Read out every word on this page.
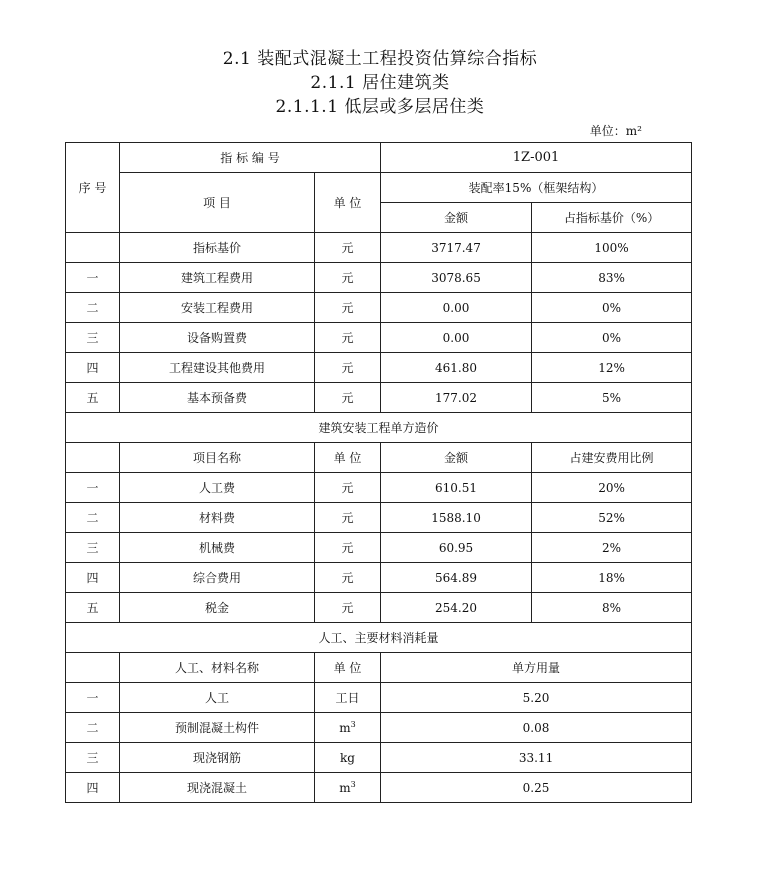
2.1 装配式混凝土工程投资估算综合指标
2.1.1 居住建筑类
2.1.1.1 低层或多层居住类
单位：m²
序 号	指 标 编 号		1Z-001	
	项 目	单 位	装配率15%（框架结构）	
			金额	占指标基价（%）
	指标基价	元	3717.47	100%
一	建筑工程费用	元	3078.65	83%
二	安装工程费用	元	0.00	0%
三	设备购置费	元	0.00	0%
四	工程建设其他费用	元	461.80	12%
五	基本预备费	元	177.02	5%
建筑安装工程单方造价				
	项目名称	单 位	金额	占建安费用比例
一	人工费	元	610.51	20%
二	材料费	元	1588.10	52%
三	机械费	元	60.95	2%
四	综合费用	元	564.89	18%
五	税金	元	254.20	8%
人工、主要材料消耗量				
	人工、材料名称	单 位	单方用量	
一	人工	工日	5.20	
二	预制混凝土构件	$m^3$	0.08	
三	现浇钢筋	kg	33.11	
四	现浇混凝土	$m^3$	0.25	
